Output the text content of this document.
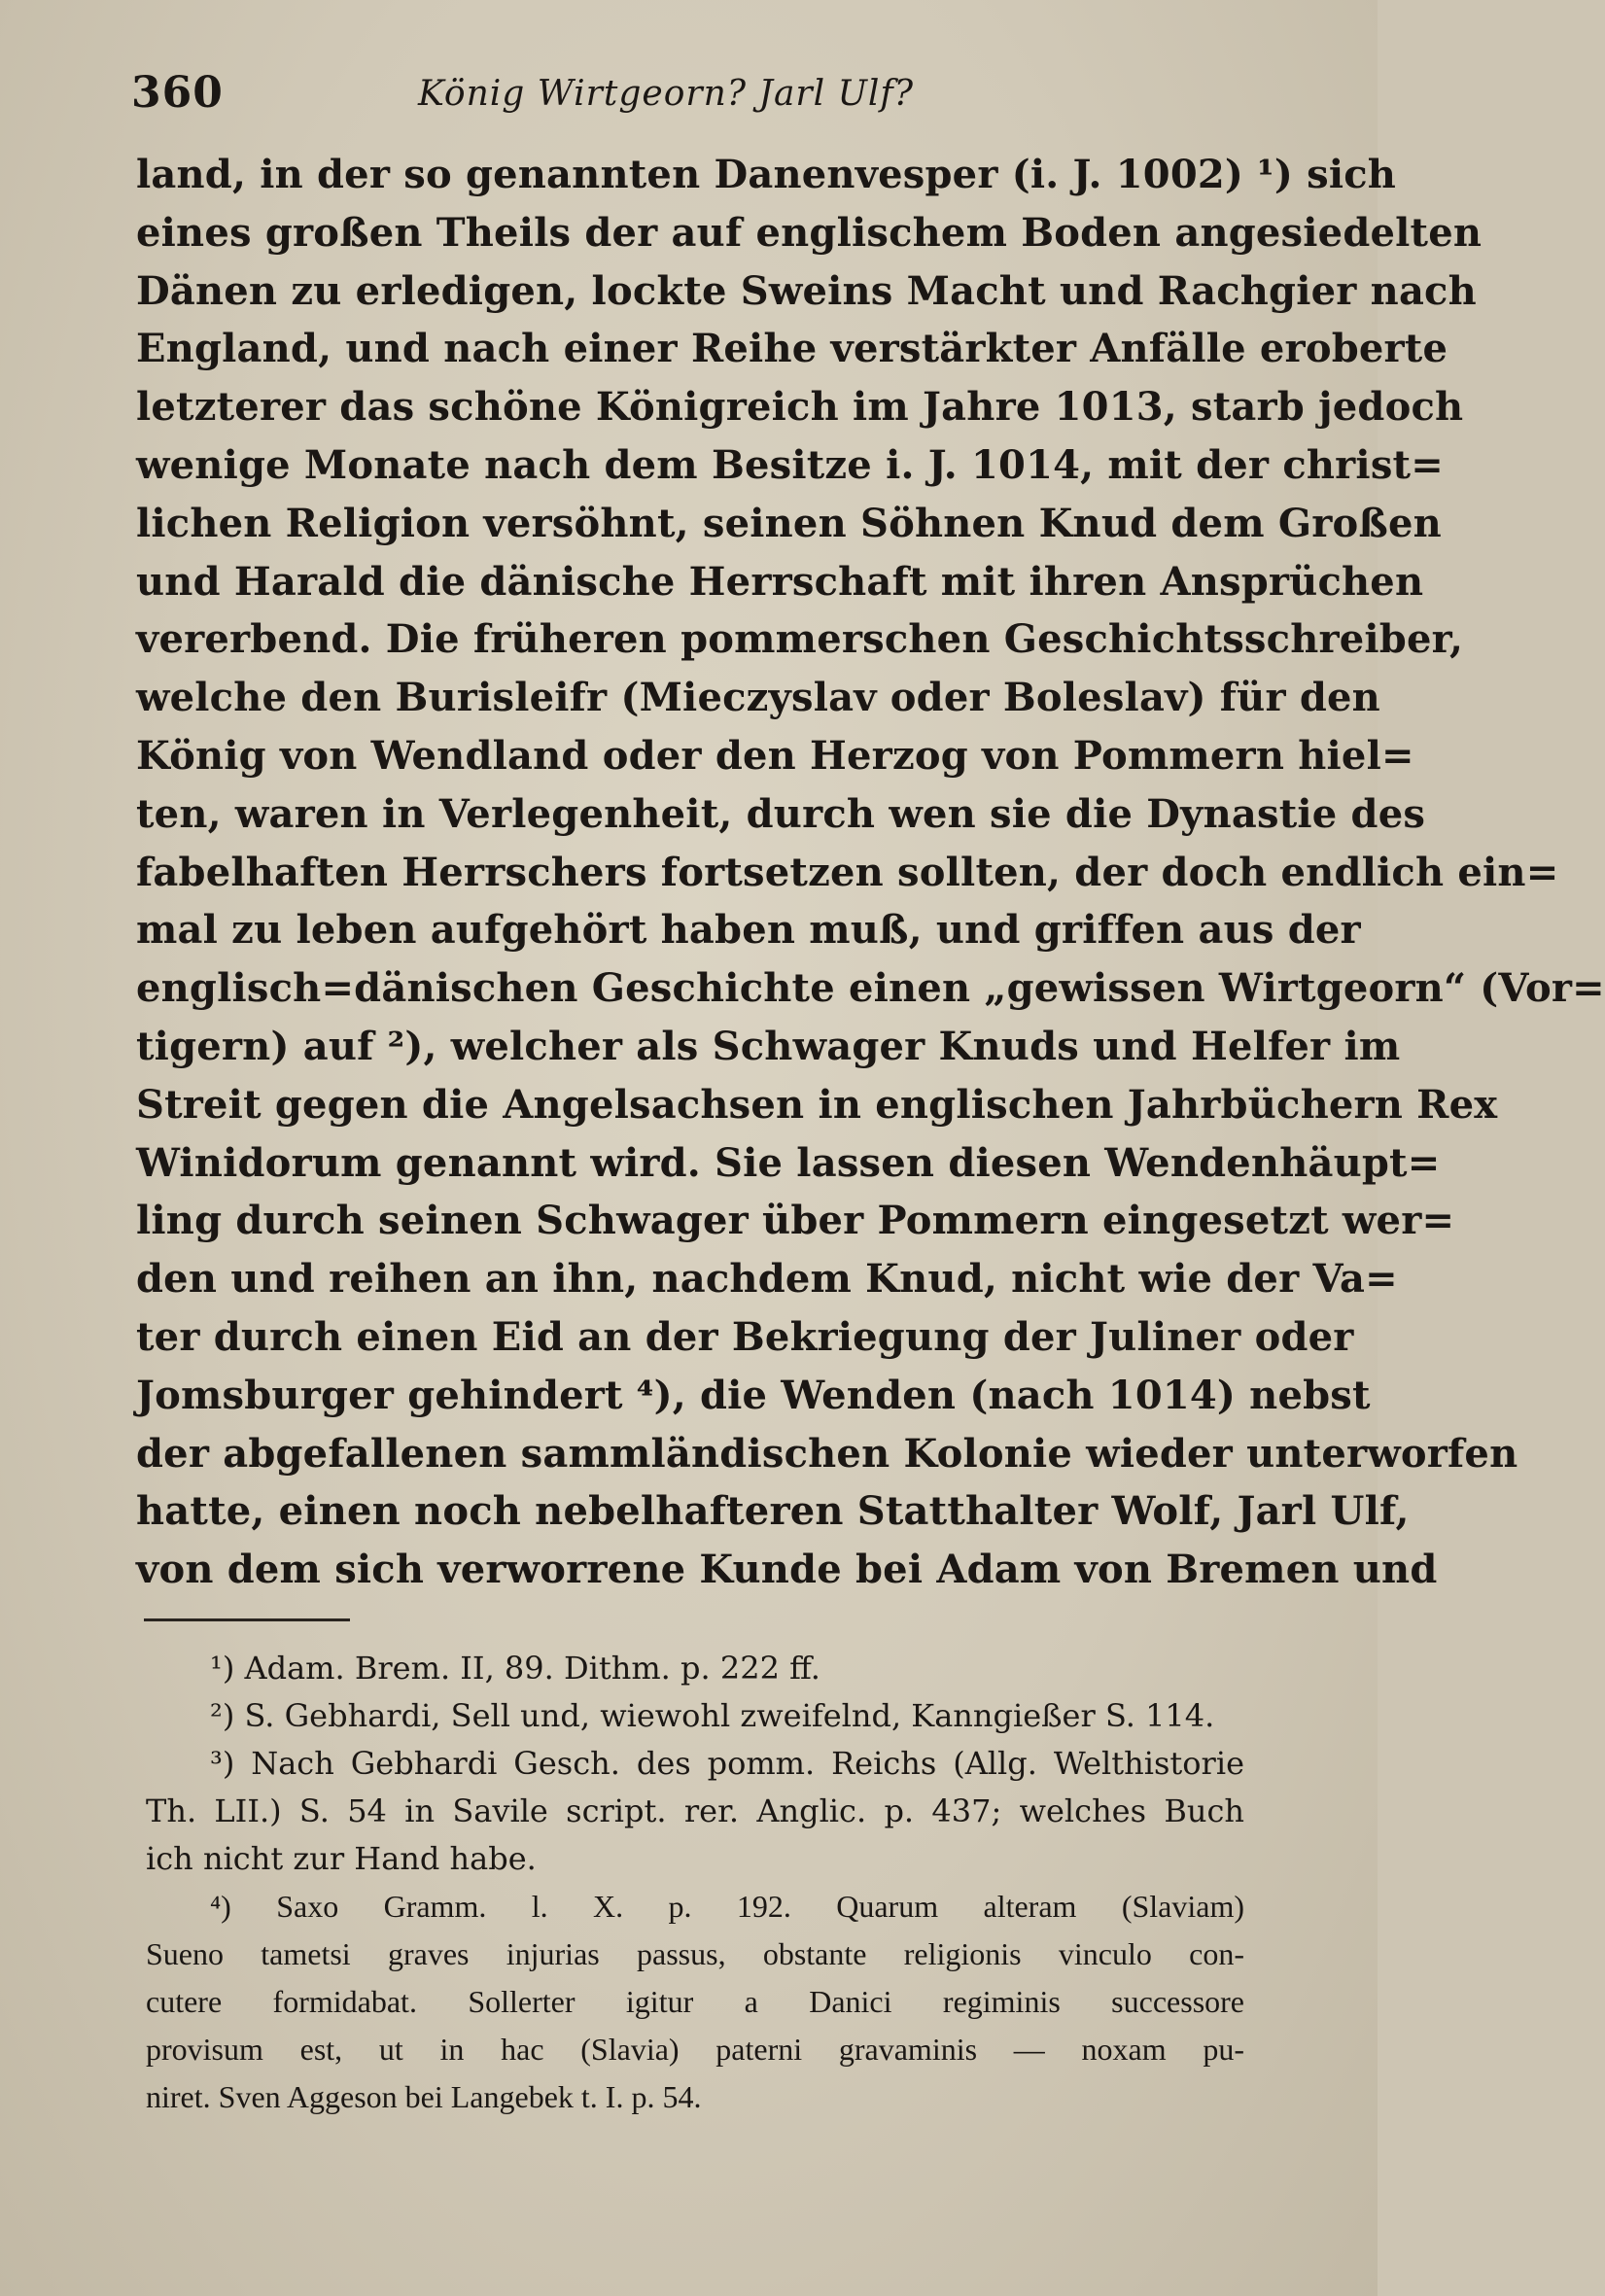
360	König Wirtgeorn? Jarl Ulf?
land, in der so genannten Danenvesper (i. J. 1002) ¹) sich
eines großen Theils der auf englischem Boden angesiedelten
Dänen zu erledigen, lockte Sweins Macht und Rachgier nach
England, und nach einer Reihe verstärkter Anfälle eroberte
letzterer das schöne Königreich im Jahre 1013, starb jedoch
wenige Monate nach dem Besitze i. J. 1014, mit der christ=
lichen Religion versöhnt, seinen Söhnen Knud dem Großen
und Harald die dänische Herrschaft mit ihren Ansprüchen
vererbend. Die früheren pommerschen Geschichtsschreiber,
welche den Burisleifr (Mieczyslav oder Boleslav) für den
König von Wendland oder den Herzog von Pommern hiel=
ten, waren in Verlegenheit, durch wen sie die Dynastie des
fabelhaften Herrschers fortsetzen sollten, der doch endlich ein=
mal zu leben aufgehört haben muß, und griffen aus der
englisch=dänischen Geschichte einen „gewissen Wirtgeorn“ (Vor=
tigern) auf ²), welcher als Schwager Knuds und Helfer im
Streit gegen die Angelsachsen in englischen Jahrbüchern Rex
Winidorum genannt wird. Sie lassen diesen Wendenhäupt=
ling durch seinen Schwager über Pommern eingesetzt wer=
den und reihen an ihn, nachdem Knud, nicht wie der Va=
ter durch einen Eid an der Bekriegung der Juliner oder
Jomsburger gehindert ⁴), die Wenden (nach 1014) nebst
der abgefallenen sammländischen Kolonie wieder unterworfen
hatte, einen noch nebelhafteren Statthalter Wolf, Jarl Ulf,
von dem sich verworrene Kunde bei Adam von Bremen und
¹) Adam. Brem. II, 89. Dithm. p. 222 ff.
²) S. Gebhardi, Sell und, wiewohl zweifelnd, Kanngießer S. 114.
³) Nach Gebhardi Gesch. des pomm. Reichs (Allg. Welthistorie
Th. LII.) S. 54 in Savile script. rer. Anglic. p. 437; welches Buch
ich nicht zur Hand habe.
⁴) Saxo Gramm. l. X. p. 192. Quarum alteram (Slaviam)
Sueno tametsi graves injurias passus, obstante religionis vinculo con-
cutere formidabat. Sollerter igitur a Danici regiminis successore
provisum est, ut in hac (Slavia) paterni gravaminis — noxam pu-
niret. Sven Aggeson bei Langebek t. I. p. 54.
